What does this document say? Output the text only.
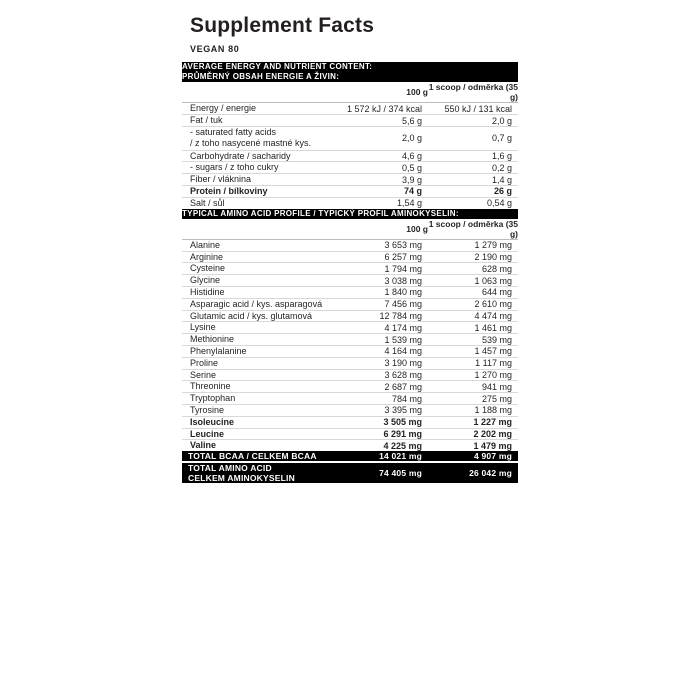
Supplement Facts
VEGAN 80
AVERAGE ENERGY AND NUTRIENT CONTENT:
PRŮMĚRNÝ OBSAH ENERGIE A ŽIVIN:		

	100 g	1 scoop / odměrka (35 g)
Energy / energie	1 572 kJ / 374 kcal	550 kJ / 131 kcal
Fat / tuk	5,6 g	2,0 g
- saturated fatty acids
/ z toho nasycené mastné kys.	2,0 g	0,7 g
Carbohydrate / sacharidy	4,6 g	1,6 g
- sugars / z toho cukry	0,5 g	0,2 g
Fiber / vláknina	3,9 g	1,4 g
Protein / bílkoviny	74 g	26 g
Salt / sůl	1,54 g	0,54 g
TYPICAL AMINO ACID PROFILE / TYPICKÝ PROFIL AMINOKYSELIN:		
	100 g	1 scoop / odměrka (35 g)
Alanine	3 653 mg	1 279 mg
Arginine	6 257 mg	2 190 mg
Cysteine	1 794 mg	628 mg
Glycine	3 038 mg	1 063 mg
Histidine	1 840 mg	644 mg
Asparagic acid / kys. asparagová	7 456 mg	2 610 mg
Glutamic acid / kys. glutamová	12 784 mg	4 474 mg
Lysine	4 174 mg	1 461 mg
Methionine	1 539 mg	539 mg
Phenylalanine	4 164 mg	1 457 mg
Proline	3 190 mg	1 117 mg
Serine	3 628 mg	1 270 mg
Threonine	2 687 mg	941 mg
Tryptophan	784 mg	275 mg
Tyrosine	3 395 mg	1 188 mg
Isoleucine	3 505 mg	1 227 mg
Leucine	6 291 mg	2 202 mg
Valine	4 225 mg	1 479 mg
TOTAL BCAA / CELKEM BCAA	14 021 mg	4 907 mg

TOTAL AMINO ACID
CELKEM AMINOKYSELIN	74 405 mg	26 042 mg
